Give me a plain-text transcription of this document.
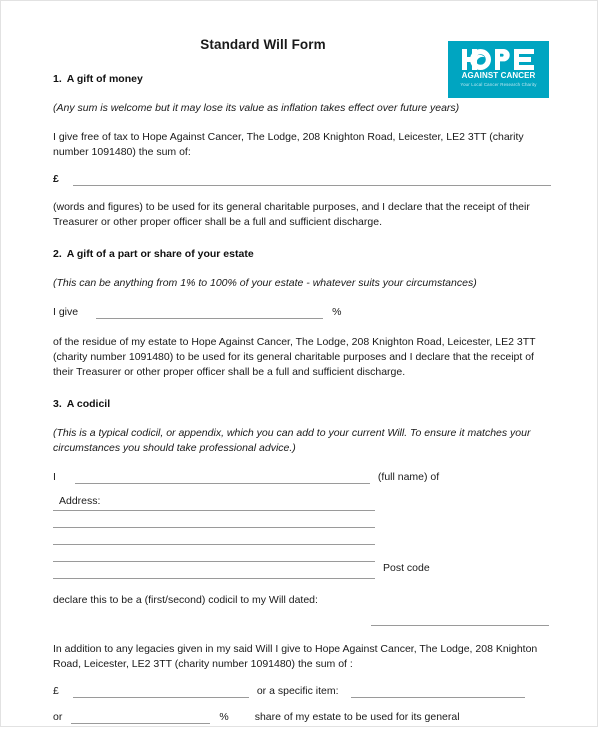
Standard Will Form
AGAINST CANCER
Your Local Cancer Research Charity
1. A gift of money

(Any sum is welcome but it may lose its value as inflation takes effect over future years)

I give free of tax to Hope Against Cancer, The Lodge, 208 Knighton Road, Leicester, LE2 3TT (charity number 1091480) the sum of:

£

(words and figures) to be used for its general charitable purposes, and I declare that the receipt of their Treasurer or other proper officer shall be a full and sufficient discharge.

2. A gift of a part or share of your estate

(This can be anything from 1% to 100% of your estate - whatever suits your circumstances)

I give	%

of the residue of my estate to Hope Against Cancer, The Lodge, 208 Knighton Road, Leicester, LE2 3TT (charity number 1091480) to be used for its general charitable purposes and I declare that the receipt of their Treasurer or other proper officer shall be a full and sufficient discharge.

3. A codicil

(This is a typical codicil, or appendix, which you can add to your current Will. To ensure it matches your circumstances you should take professional advice.)

I	(full name) of
Address:
Post code

declare this to be a (first/second) codicil to my Will dated:

In addition to any legacies given in my said Will I give to Hope Against Cancer, The Lodge, 208 Knighton Road, Leicester, LE2 3TT (charity number 1091480) the sum of :

£	or a specific item:
or	% share of my estate to be used for its general
